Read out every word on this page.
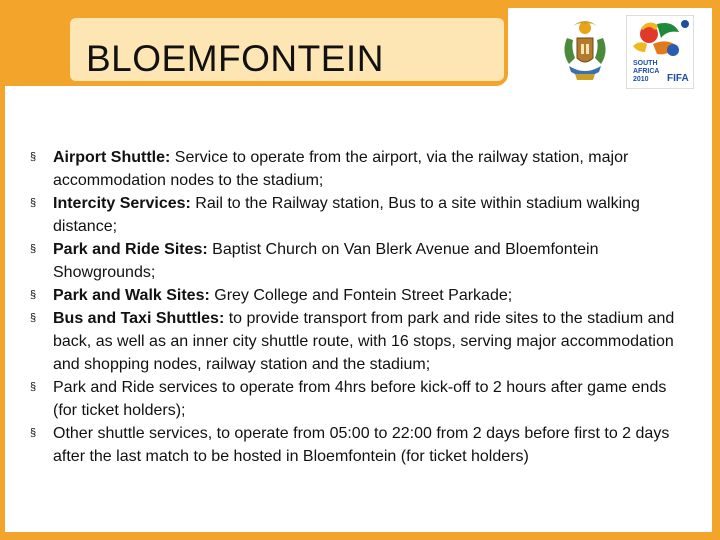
BLOEMFONTEIN	SOUTH
AFRICA
2010 FIFA
§ Airport Shuttle: Service to operate from the airport, via the railway station, major accommodation nodes to the stadium;
§ Intercity Services: Rail to the Railway station, Bus to a site within stadium walking distance;
§ Park and Ride Sites: Baptist Church on Van Blerk Avenue and Bloemfontein Showgrounds;
§ Park and Walk Sites: Grey College and Fontein Street Parkade;
§ Bus and Taxi Shuttles: to provide transport from park and ride sites to the stadium and back, as well as an inner city shuttle route, with 16 stops, serving major accommodation and shopping nodes, railway station and the stadium;
§ Park and Ride services to operate from 4hrs before kick-off to 2 hours after game ends (for ticket holders);
§ Other shuttle services, to operate from 05:00 to 22:00 from 2 days before first to 2 days after the last match to be hosted in Bloemfontein (for ticket holders)
